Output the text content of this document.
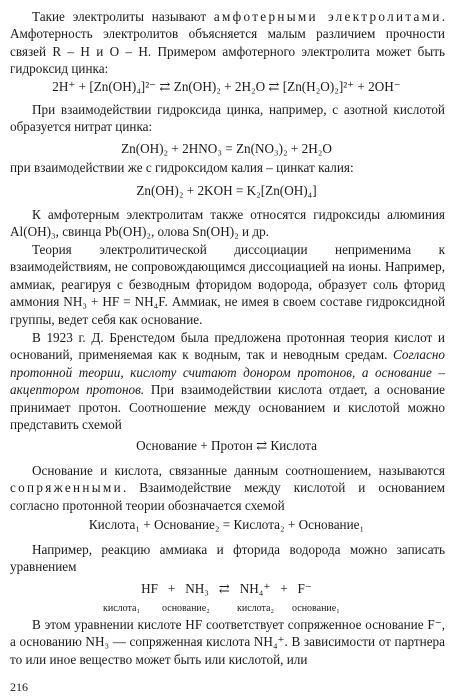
Такие электролиты называют амфотерными электролитами. Амфотерность электролитов объясняется малым различием прочности связей R – H и O – H. Примером амфотерного электролита может быть гидроксид цинка:

2H⁺ + [Zn(OH)₄]²⁻ ⇄ Zn(OH)₂ + 2H₂O ⇄ [Zn(H₂O)₂]²⁺ + 2OH⁻

При взаимодействии гидроксида цинка, например, с азотной кислотой образуется нитрат цинка:

Zn(OH)₂ + 2HNO₃ = Zn(NO₃)₂ + 2H₂O

при взаимодействии же с гидроксидом калия – цинкат калия:

Zn(OH)₂ + 2KOH = K₂[Zn(OH)₄]

К амфотерным электролитам также относятся гидроксиды алюминия Al(OH)₃, свинца Pb(OH)₂, олова Sn(OH)₂ и др.

Теория электролитической диссоциации неприменима к взаимодействиям, не сопровождающимся диссоциацией на ионы. Например, аммиак, реагируя с безводным фторидом водорода, образует соль фторид аммония NH₃ + HF = NH₄F. Аммиак, не имея в своем составе гидроксидной группы, ведет себя как основание.

В 1923 г. Д. Бренстедом была предложена протонная теория кислот и оснований, применяемая как к водным, так и неводным средам. Согласно протонной теории, кислоту считают донором протонов, а основание – акцептором протонов. При взаимодействии кислота отдает, а основание принимает протон. Соотношение между основанием и кислотой можно представить схемой

Основание + Протон ⇄ Кислота

Основание и кислота, связанные данным соотношением, называются сопряженными. Взаимодействие между кислотой и основанием согласно протонной теории обозначается схемой

Кислота₁ + Основание₂ = Кислота₂ + Основание₁

Например, реакцию аммиака и фторида водорода можно записать уравнением

HF   +   NH₃   ⇄   NH₄⁺   +   F⁻
кислота₁ основание₂	кислота₂ основание₁

В этом уравнении кислоте HF соответствует сопряженное основание F⁻, а основанию NH₃ — сопряженная кислота NH₄⁺. В зависимости от партнера то или иное вещество может быть или кислотой, или

216
